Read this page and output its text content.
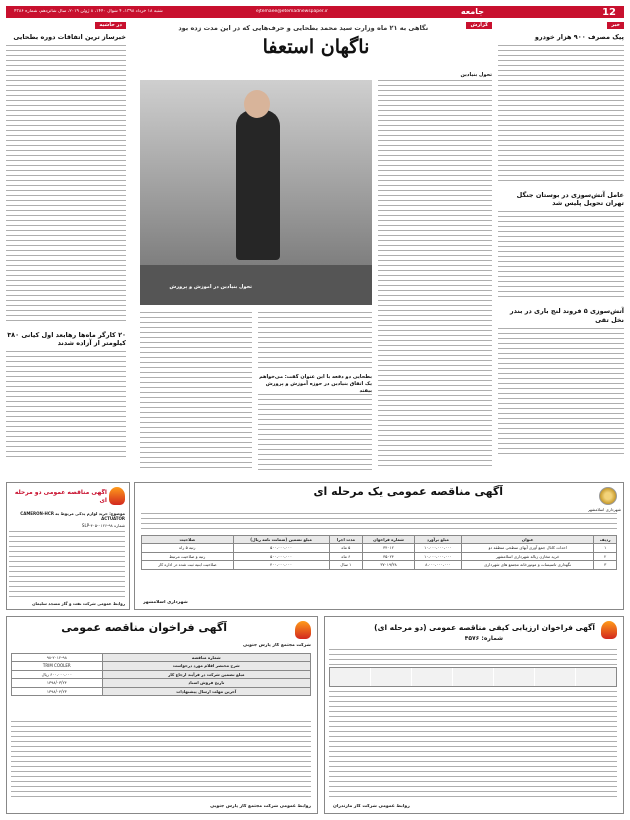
12
جامعه
ejtemaee@etemadnewspaper.ir
شنبه ۱۸ خرداد ۱۳۹۸، ۴ شوال ۱۴۴۰، ۸ ژوئن ۲۰۱۹، سال شانزدهم، شماره ۴۳۸۶
خبر
پیک مصرف ۹۰۰ هزار خودرو
عامل آتش‌سوزی در بوستان جنگل تهران تحویل پلیس شد
آتش‌سوزی ۵ فروند لنج باری در بندر نخل تقی
گزارش
نگاهی به ۲۱ ماه وزارت سید محمد بطحایی و حرف‌هایی که در این مدت زده بود
ناگهان استعفا
تحول بنیادین
بطحایی دو دفعه با این عنوان گفت: می‌خواهم یک اتفاق بنیادین در حوزه آموزش و پرورش بیفتد
تحول بنیادین در آموزش و پرورش
در حاشیه
خبرساز ترین اتفاقات دوره بطحایی
۲۰ کارگر ماه‌ها رهابعد اول کیانی ۳۸۰ کیلومتر از آزاده شدند
آگهی مناقصه عمومی یک مرحله ای
شهرداری اسلامشهر
ردیف	عنوان	مبلغ برآورد	شماره فراخوان	مدت اجرا	مبلغ تضمین (ضمانت نامه ریال)	صلاحیت
۱	احداث کانال جمع آوری آبهای سطحی منطقه دو	۱۰،۰۰۰،۰۰۰،۰۰۰	۳۴۰۱۲	۵ ماه	۵۰۰،۰۰۰،۰۰۰	رتبه ۵ راه
۲	خرید مخازن زباله شهرداری اسلامشهر	۱۰،۰۰۰،۰۰۰،۰۰۰	۳۵۰۲۴	۶ ماه	۵۰۰،۰۰۰،۰۰۰	رتبه و صلاحیت مرتبط
۳	نگهداری تاسیسات و موتورخانه مجتمع های شهرداری	۸،۰۰۰،۰۰۰،۰۰۰	۳۷۰۱۹/۳۸	۱ سال	۴۰۰،۰۰۰،۰۰۰	صلاحیت ابنیه ثبت شده در اداره کار
شهرداری اسلامشهر
آگهی مناقصه عمومی دو مرحله ای
موضوع: خرید لوازم یدکی مربوط به CAMERON-HCR ACTUATOR
شماره ۹۸-۰۱۲۶-۴۰۵-SLP
روابط عمومی شرکت نفت و گاز مسجد سلیمان
آگهی فراخوان ارزیابی کیفی مناقصه عمومی (دو مرحله ای)
شماره: ۴۵۷۶
روابط عمومی شرکت گاز مازندران
آگهی فراخوان مناقصه عمومی
شرکت مجتمع گاز پارس جنوبی
شماره مناقصه	۹۸-۲۰۱۲-۹۸
شرح مختصر اقلام مورد درخواست	TRIM COOLER
مبلغ تضمین شرکت در فرآیند ارجاع کار	۶۰۰،۰۰۰،۰۰۰ ریال
تاریخ فروش اسناد	۱۳۹۸/۰۳/۲۴
آخرین مهلت ارسال پیشنهادات	۱۳۹۸/۰۴/۲۳
روابط عمومی شرکت مجتمع گاز پارس جنوبی
